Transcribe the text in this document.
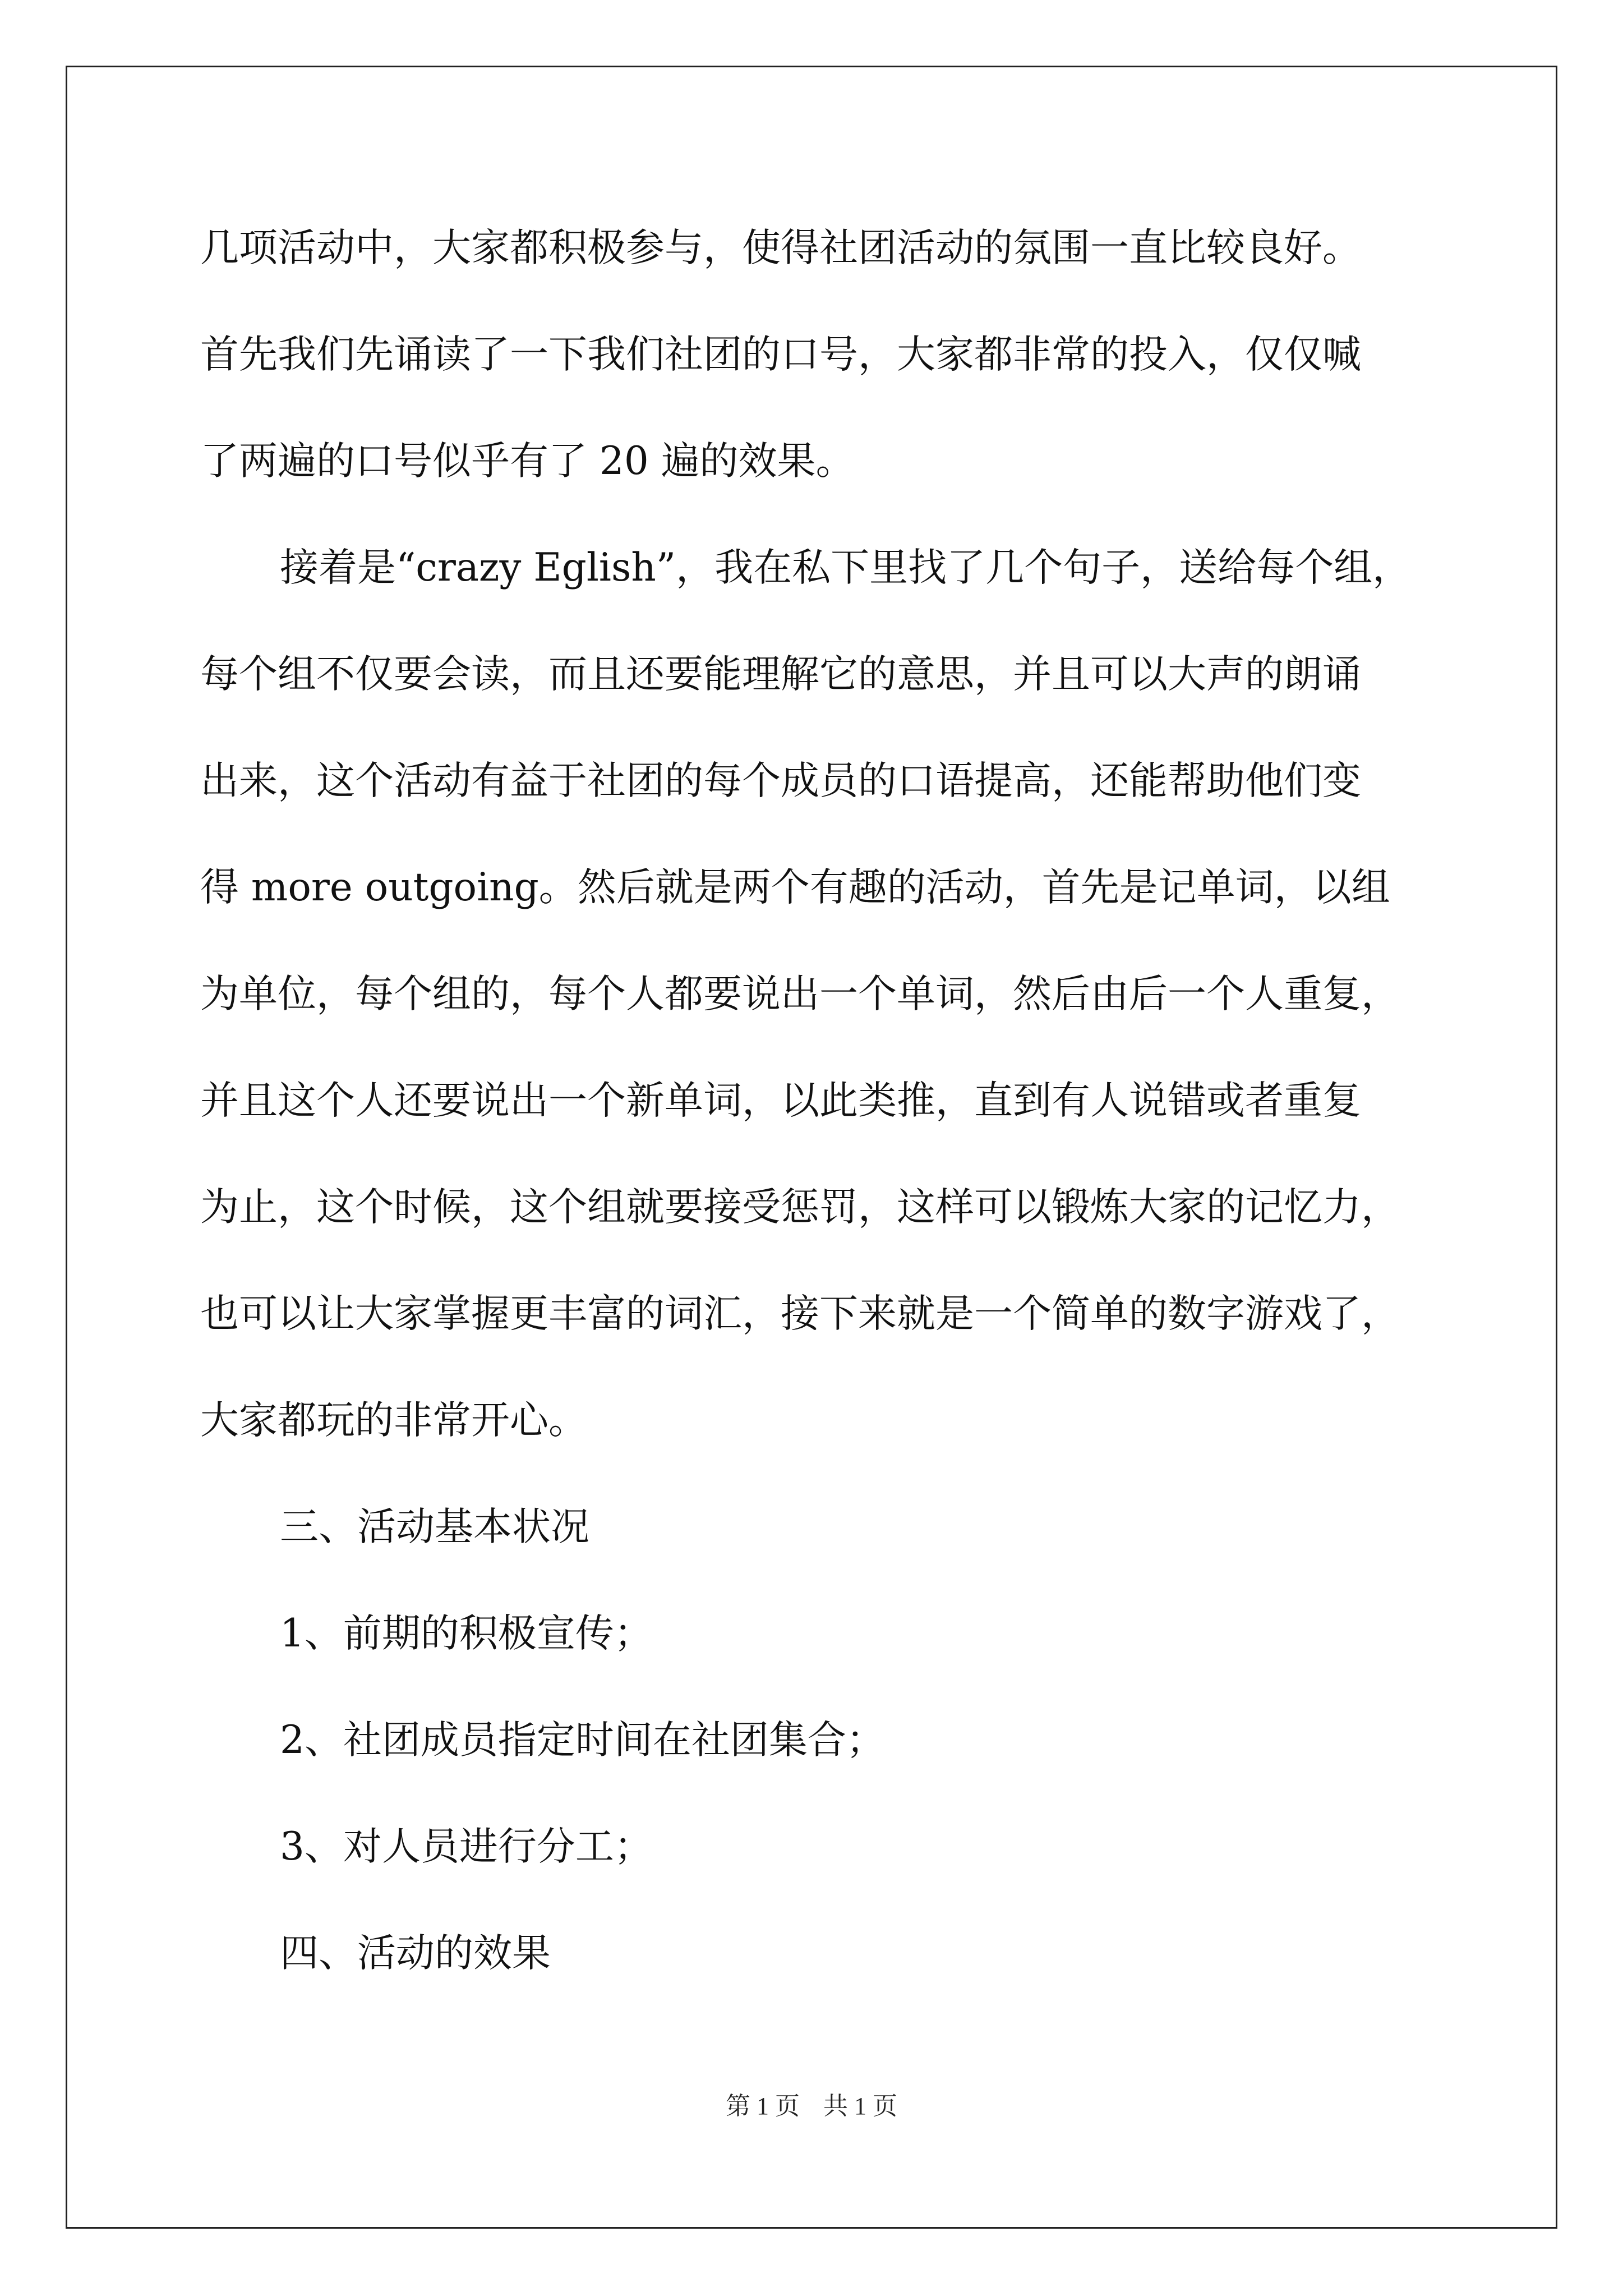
几项活动中，大家都积极参与，使得社团活动的氛围一直比较良好。
首先我们先诵读了一下我们社团的口号，大家都非常的投入，仅仅喊
了两遍的口号似乎有了 20 遍的效果。
接着是“crazy Eglish”，我在私下里找了几个句子，送给每个组，
每个组不仅要会读，而且还要能理解它的意思，并且可以大声的朗诵
出来，这个活动有益于社团的每个成员的口语提高，还能帮助他们变
得 more outgoing。然后就是两个有趣的活动，首先是记单词，以组
为单位，每个组的，每个人都要说出一个单词，然后由后一个人重复，
并且这个人还要说出一个新单词，以此类推，直到有人说错或者重复
为止，这个时候，这个组就要接受惩罚，这样可以锻炼大家的记忆力，
也可以让大家掌握更丰富的词汇，接下来就是一个简单的数字游戏了，
大家都玩的非常开心。
三、活动基本状况
1、前期的积极宣传；
2、社团成员指定时间在社团集合；
3、对人员进行分工；
四、活动的效果
第 1 页 共 1 页
